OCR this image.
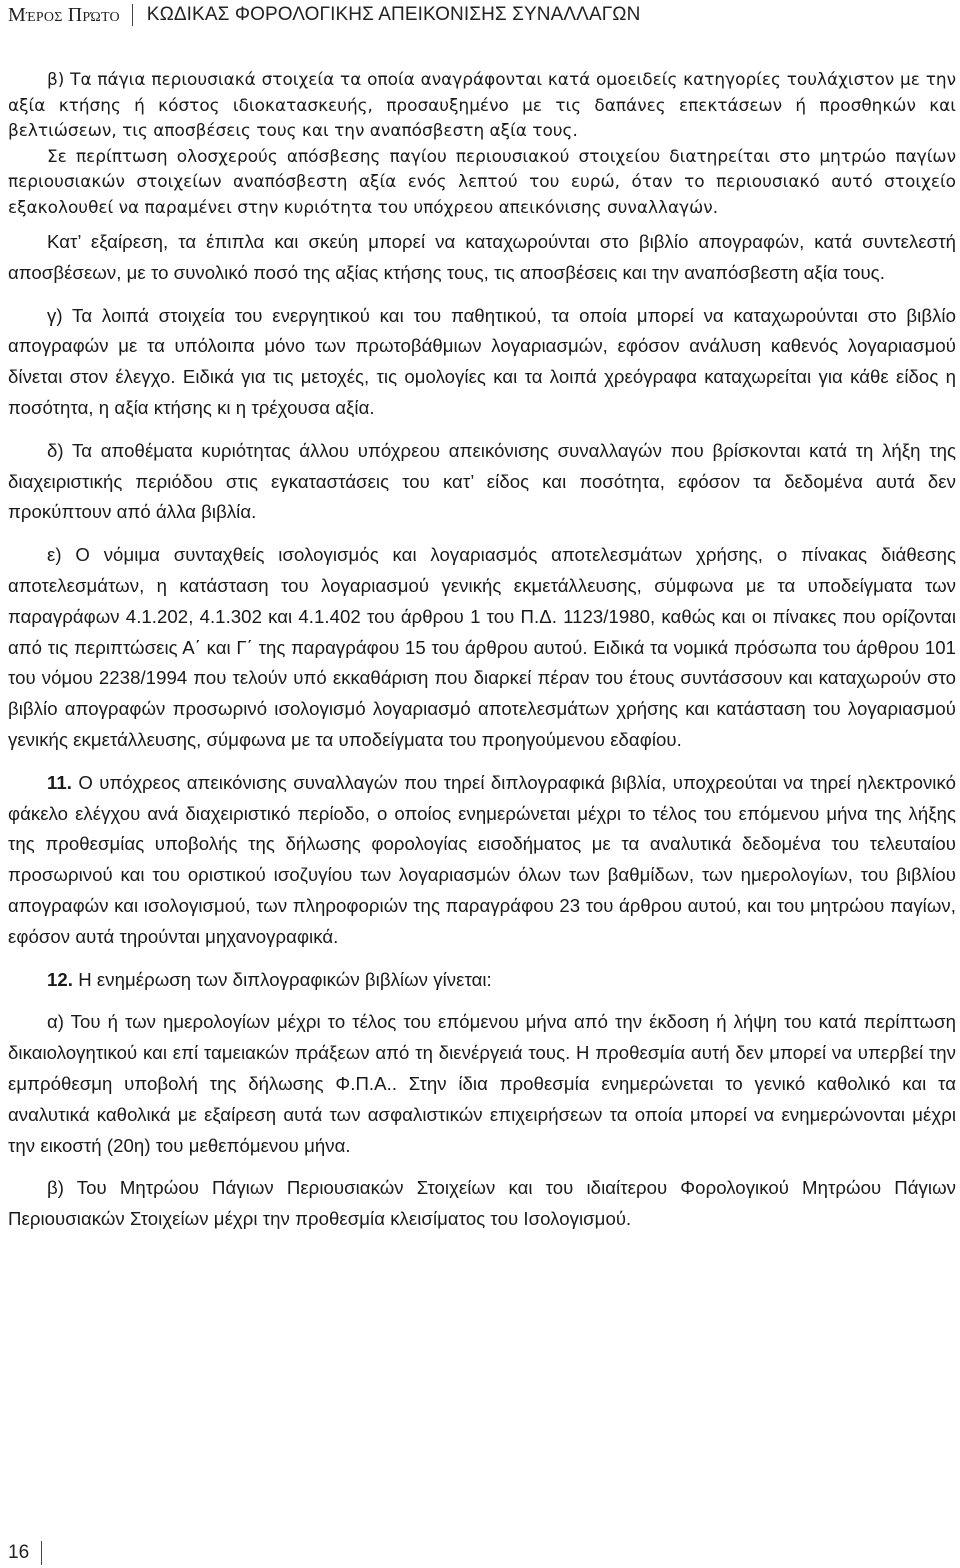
Μέρος Πρώτο ΚΩΔΙΚΑΣ ΦΟΡΟΛΟΓΙΚΗΣ ΑΠΕΙΚΟΝΙΣΗΣ ΣΥΝΑΛΛΑΓΩΝ

β) Τα πάγια περιουσιακά στοιχεία τα οποία αναγράφονται κατά ομοειδείς κατηγορίες τουλάχιστον με την αξία κτήσης ή κόστος ιδιοκατασκευής, προσαυξημένο με τις δαπάνες επεκτάσεων ή προσθηκών και βελτιώσεων, τις αποσβέσεις τους και την αναπόσβεστη αξία τους.

Σε περίπτωση ολοσχερούς απόσβεσης παγίου περιουσιακού στοιχείου διατηρείται στο μητρώο παγίων περιουσιακών στοιχείων αναπόσβεστη αξία ενός λεπτού του ευρώ, όταν το περιουσιακό αυτό στοιχείο εξακολουθεί να παραμένει στην κυριότητα του υπόχρεου απεικόνισης συναλλαγών.

Κατ’ εξαίρεση, τα έπιπλα και σκεύη μπορεί να καταχωρούνται στο βιβλίο απογραφών, κατά συντελεστή αποσβέσεων, με το συνολικό ποσό της αξίας κτήσης τους, τις αποσβέσεις και την αναπόσβεστη αξία τους.

γ) Τα λοιπά στοιχεία του ενεργητικού και του παθητικού, τα οποία μπορεί να καταχωρούνται στο βιβλίο απογραφών με τα υπόλοιπα μόνο των πρωτοβάθμιων λογαριασμών, εφόσον ανάλυση καθενός λογαριασμού δίνεται στον έλεγχο. Ειδικά για τις μετοχές, τις ομολογίες και τα λοιπά χρεόγραφα καταχωρείται για κάθε είδος η ποσότητα, η αξία κτήσης κι η τρέχουσα αξία.

δ) Τα αποθέματα κυριότητας άλλου υπόχρεου απεικόνισης συναλλαγών που βρίσκονται κατά τη λήξη της διαχειριστικής περιόδου στις εγκαταστάσεις του κατ’ είδος και ποσότητα, εφόσον τα δεδομένα αυτά δεν προκύπτουν από άλλα βιβλία.

ε) Ο νόμιμα συνταχθείς ισολογισμός και λογαριασμός αποτελεσμάτων χρήσης, ο πίνακας διάθεσης αποτελεσμάτων, η κατάσταση του λογαριασμού γενικής εκμετάλλευσης, σύμφωνα με τα υποδείγματα των παραγράφων 4.1.202, 4.1.302 και 4.1.402 του άρθρου 1 του Π.Δ. 1123/1980, καθώς και οι πίνακες που ορίζονται από τις περιπτώσεις Α΄ και Γ΄ της παραγράφου 15 του άρθρου αυτού. Ειδικά τα νομικά πρόσωπα του άρθρου 101 του νόμου 2238/1994 που τελούν υπό εκκαθάριση που διαρκεί πέραν του έτους συντάσσουν και καταχωρούν στο βιβλίο απογραφών προσωρινό ισολογισμό λογαριασμό αποτελεσμάτων χρήσης και κατάσταση του λογαριασμού γενικής εκμετάλλευσης, σύμφωνα με τα υποδείγματα του προηγούμενου εδαφίου.

11. Ο υπόχρεος απεικόνισης συναλλαγών που τηρεί διπλογραφικά βιβλία, υποχρεούται να τηρεί ηλεκτρονικό φάκελο ελέγχου ανά διαχειριστικό περίοδο, ο οποίος ενημερώνεται μέχρι το τέλος του επόμενου μήνα της λήξης της προθεσμίας υποβολής της δήλωσης φορολογίας εισοδήματος με τα αναλυτικά δεδομένα του τελευταίου προσωρινού και του οριστικού ισοζυγίου των λογαριασμών όλων των βαθμίδων, των ημερολογίων, του βιβλίου απογραφών και ισολογισμού, των πληροφοριών της παραγράφου 23 του άρθρου αυτού, και του μητρώου παγίων, εφόσον αυτά τηρούνται μηχανογραφικά.

12. Η ενημέρωση των διπλογραφικών βιβλίων γίνεται:

α) Του ή των ημερολογίων μέχρι το τέλος του επόμενου μήνα από την έκδοση ή λήψη του κατά περίπτωση δικαιολογητικού και επί ταμειακών πράξεων από τη διενέργειά τους. Η προθεσμία αυτή δεν μπορεί να υπερβεί την εμπρόθεσμη υποβολή της δήλωσης Φ.Π.Α.. Στην ίδια προθεσμία ενημερώνεται το γενικό καθολικό και τα αναλυτικά καθολικά με εξαίρεση αυτά των ασφαλιστικών επιχειρήσεων τα οποία μπορεί να ενημερώνονται μέχρι την εικοστή (20η) του μεθεπόμενου μήνα.

β) Του Μητρώου Πάγιων Περιουσιακών Στοιχείων και του ιδιαίτερου Φορολογικού Μητρώου Πάγιων Περιουσιακών Στοιχείων μέχρι την προθεσμία κλεισίματος του Ισολογισμού.

16
